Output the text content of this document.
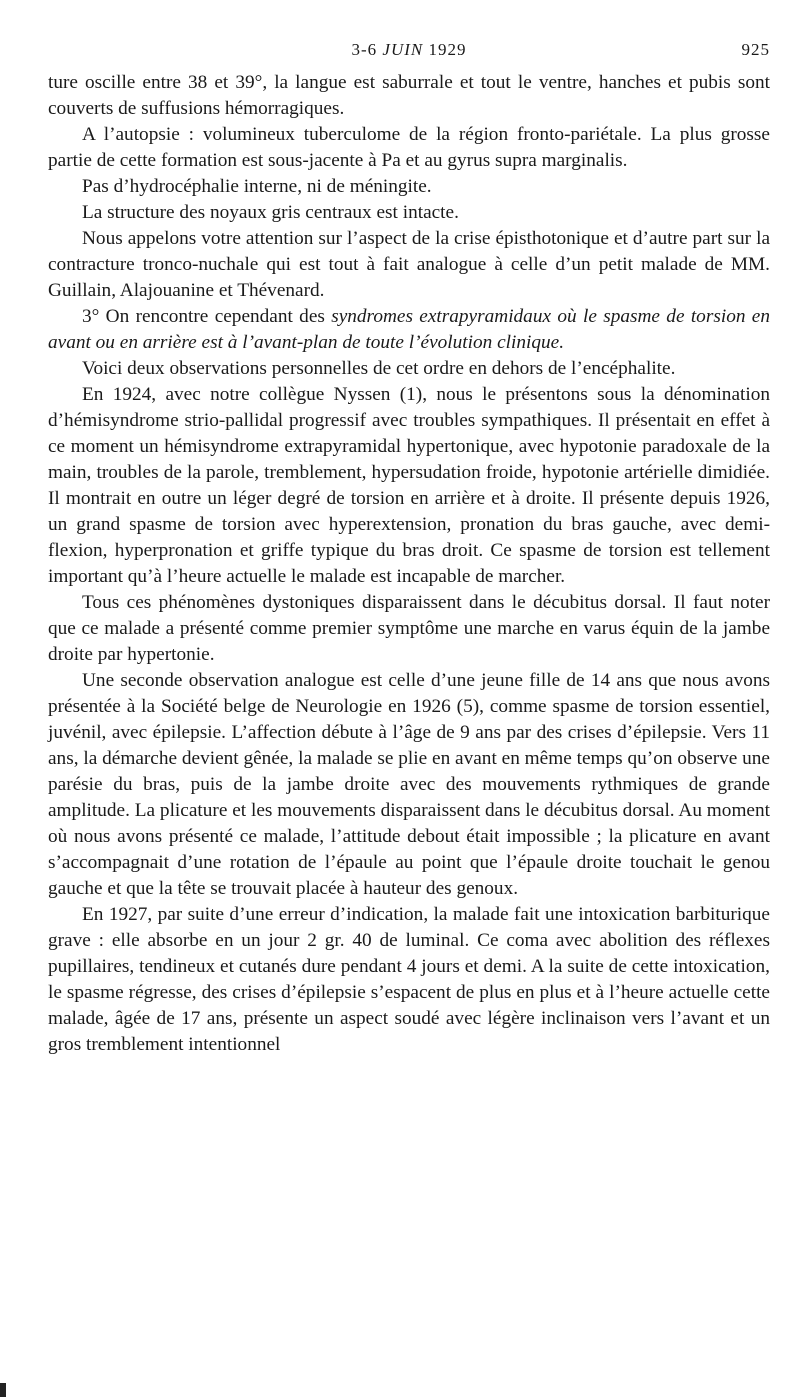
3-6 JUIN 1929	925

ture oscille entre 38 et 39°, la langue est saburrale et tout le ventre, hanches et pubis sont couverts de suffusions hémorragiques.

A l’autopsie : volumineux tuberculome de la région fronto-pariétale. La plus grosse partie de cette formation est sous-jacente à Pa et au gyrus supra marginalis.

Pas d’hydrocéphalie interne, ni de méningite.

La structure des noyaux gris centraux est intacte.

Nous appelons votre attention sur l’aspect de la crise épisthotonique et d’autre part sur la contracture tronco-nuchale qui est tout à fait analogue à celle d’un petit malade de MM. Guillain, Alajouanine et Thévenard.

3° On rencontre cependant des syndromes extrapyramidaux où le spasme de torsion en avant ou en arrière est à l’avant-plan de toute l’évolution clinique.

Voici deux observations personnelles de cet ordre en dehors de l’encéphalite.

En 1924, avec notre collègue Nyssen (1), nous le présentons sous la dénomination d’hémisyndrome strio-pallidal progressif avec troubles sympathiques. Il présentait en effet à ce moment un hémisyndrome extrapyramidal hypertonique, avec hypotonie paradoxale de la main, troubles de la parole, tremblement, hypersudation froide, hypotonie artérielle dimidiée. Il montrait en outre un léger degré de torsion en arrière et à droite. Il présente depuis 1926, un grand spasme de torsion avec hyperextension, pronation du bras gauche, avec demi-flexion, hyperpronation et griffe typique du bras droit. Ce spasme de torsion est tellement important qu’à l’heure actuelle le malade est incapable de marcher.

Tous ces phénomènes dystoniques disparaissent dans le décubitus dorsal. Il faut noter que ce malade a présenté comme premier symptôme une marche en varus équin de la jambe droite par hypertonie.

Une seconde observation analogue est celle d’une jeune fille de 14 ans que nous avons présentée à la Société belge de Neurologie en 1926 (5), comme spasme de torsion essentiel, juvénil, avec épilepsie. L’affection débute à l’âge de 9 ans par des crises d’épilepsie. Vers 11 ans, la démarche devient gênée, la malade se plie en avant en même temps qu’on observe une parésie du bras, puis de la jambe droite avec des mouvements rythmiques de grande amplitude. La plicature et les mouvements disparaissent dans le décubitus dorsal. Au moment où nous avons présenté ce malade, l’attitude debout était impossible ; la plicature en avant s’accompagnait d’une rotation de l’épaule au point que l’épaule droite touchait le genou gauche et que la tête se trouvait placée à hauteur des genoux.

En 1927, par suite d’une erreur d’indication, la malade fait une intoxication barbiturique grave : elle absorbe en un jour 2 gr. 40 de luminal. Ce coma avec abolition des réflexes pupillaires, tendineux et cutanés dure pendant 4 jours et demi. A la suite de cette intoxication, le spasme régresse, des crises d’épilepsie s’espacent de plus en plus et à l’heure actuelle cette malade, âgée de 17 ans, présente un aspect soudé avec légère inclinaison vers l’avant et un gros tremblement intentionnel
